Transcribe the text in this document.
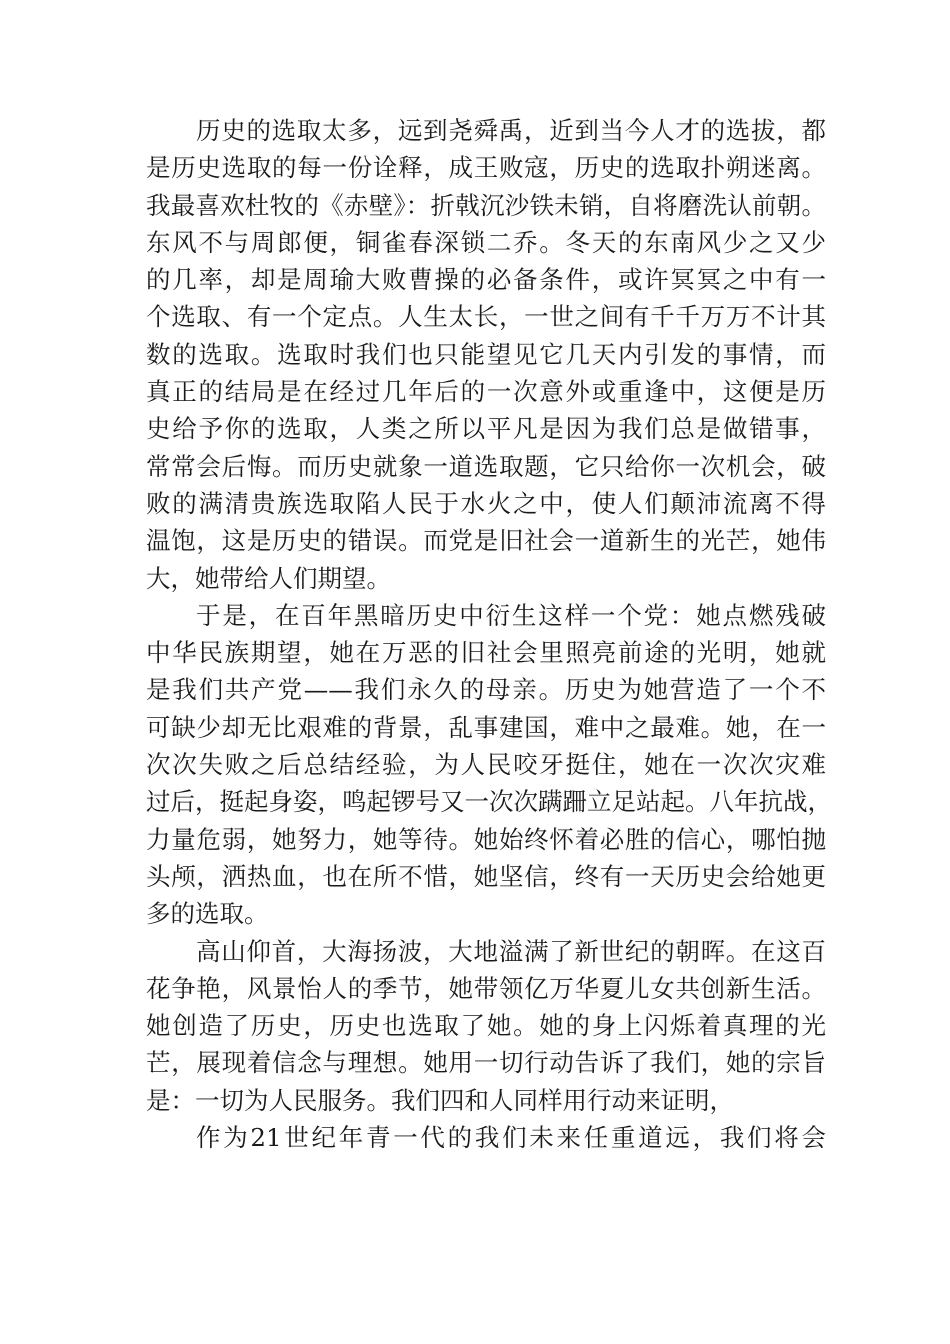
历史的选取太多，远到尧舜禹，近到当今人才的选拔，都
是历史选取的每一份诠释，成王败寇，历史的选取扑朔迷离。
我最喜欢杜牧的《赤壁》：折戟沉沙铁未销，自将磨洗认前朝。
东风不与周郎便，铜雀春深锁二乔。冬天的东南风少之又少
的几率，却是周瑜大败曹操的必备条件，或许冥冥之中有一
个选取、有一个定点。人生太长，一世之间有千千万万不计其
数的选取。选取时我们也只能望见它几天内引发的事情，而
真正的结局是在经过几年后的一次意外或重逢中，这便是历
史给予你的选取，人类之所以平凡是因为我们总是做错事，
常常会后悔。而历史就象一道选取题，它只给你一次机会，破
败的满清贵族选取陷人民于水火之中，使人们颠沛流离不得
温饱，这是历史的错误。而党是旧社会一道新生的光芒，她伟
大，她带给人们期望。
于是，在百年黑暗历史中衍生这样一个党：她点燃残破
中华民族期望，她在万恶的旧社会里照亮前途的光明，她就
是我们共产党——我们永久的母亲。历史为她营造了一个不
可缺少却无比艰难的背景，乱事建国，难中之最难。她，在一
次次失败之后总结经验，为人民咬牙挺住，她在一次次灾难
过后，挺起身姿，鸣起锣号又一次次蹒跚立足站起。八年抗战，
力量危弱，她努力，她等待。她始终怀着必胜的信心，哪怕抛
头颅，洒热血，也在所不惜，她坚信，终有一天历史会给她更
多的选取。
高山仰首，大海扬波，大地溢满了新世纪的朝晖。在这百
花争艳，风景怡人的季节，她带领亿万华夏儿女共创新生活。
她创造了历史，历史也选取了她。她的身上闪烁着真理的光
芒，展现着信念与理想。她用一切行动告诉了我们，她的宗旨
是：一切为人民服务。我们四和人同样用行动来证明，
作为21世纪年青一代的我们未来任重道远，我们将会
